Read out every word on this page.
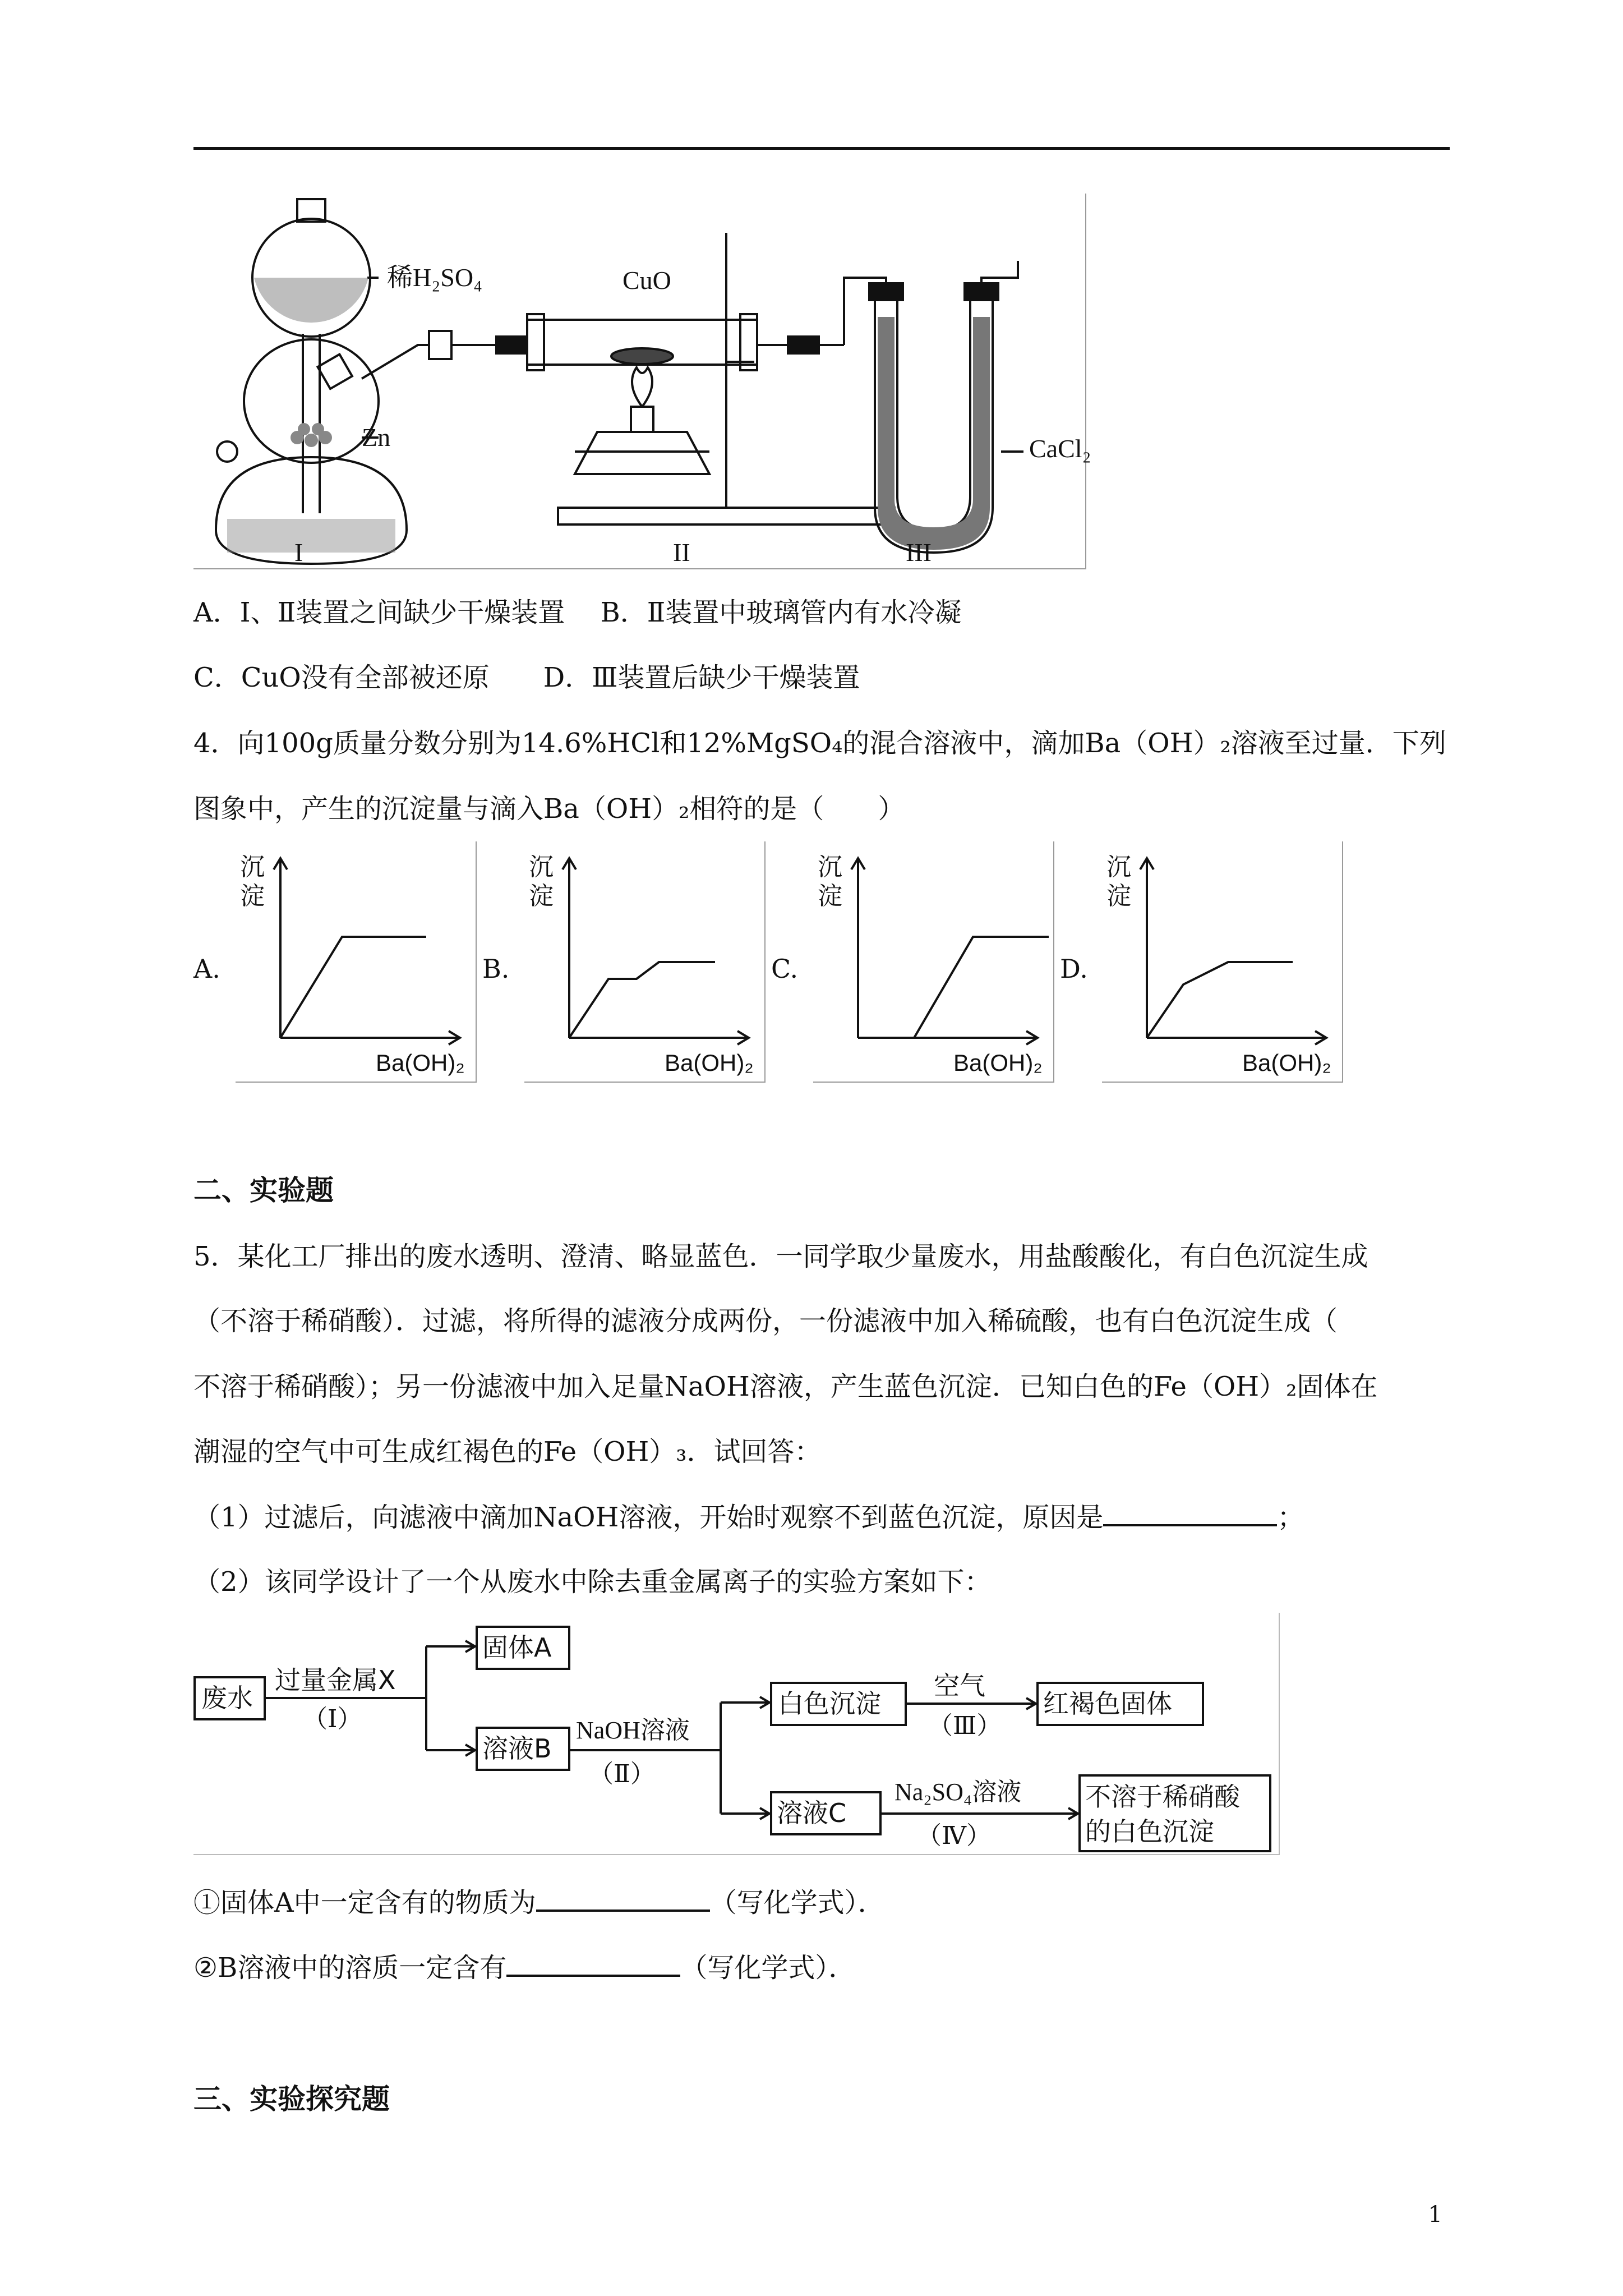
稀H₂SO₄
Zn
CuO
CaCl₂
I	II	III
A．Ⅰ、Ⅱ装置之间缺少干燥装置　 B．Ⅱ装置中玻璃管内有水冷凝
C．CuO没有全部被还原　　D．Ⅲ装置后缺少干燥装置
4．向100g质量分数分别为14.6%HCl和12%MgSO₄的混合溶液中，滴加Ba（OH）₂溶液至过量．下列
图象中，产生的沉淀量与滴入Ba（OH）₂相符的是（　　）
A.
沉淀
Ba(OH)₂
B.
沉淀
Ba(OH)₂
C.
沉淀
Ba(OH)₂
D.
沉淀
Ba(OH)₂
二、实验题
5．某化工厂排出的废水透明、澄清、略显蓝色．一同学取少量废水，用盐酸酸化，有白色沉淀生成
（不溶于稀硝酸）．过滤，将所得的滤液分成两份，一份滤液中加入稀硫酸，也有白色沉淀生成（
不溶于稀硝酸）；另一份滤液中加入足量NaOH溶液，产生蓝色沉淀．已知白色的Fe（OH）₂固体在
潮湿的空气中可生成红褐色的Fe（OH）₃．试回答：
（1）过滤后，向滤液中滴加NaOH溶液，开始时观察不到蓝色沉淀，原因是	；
（2）该同学设计了一个从废水中除去重金属离子的实验方案如下：
废水
过量金属X
（Ⅰ）
固体A
溶液B
NaOH溶液
（Ⅱ）
白色沉淀
空气
（Ⅲ）
红褐色固体
溶液C
Na₂SO₄溶液
（Ⅳ）
不溶于稀硝酸
的白色沉淀
①固体A中一定含有的物质为	（写化学式）．
②B溶液中的溶质一定含有	（写化学式）．
三、实验探究题
1
